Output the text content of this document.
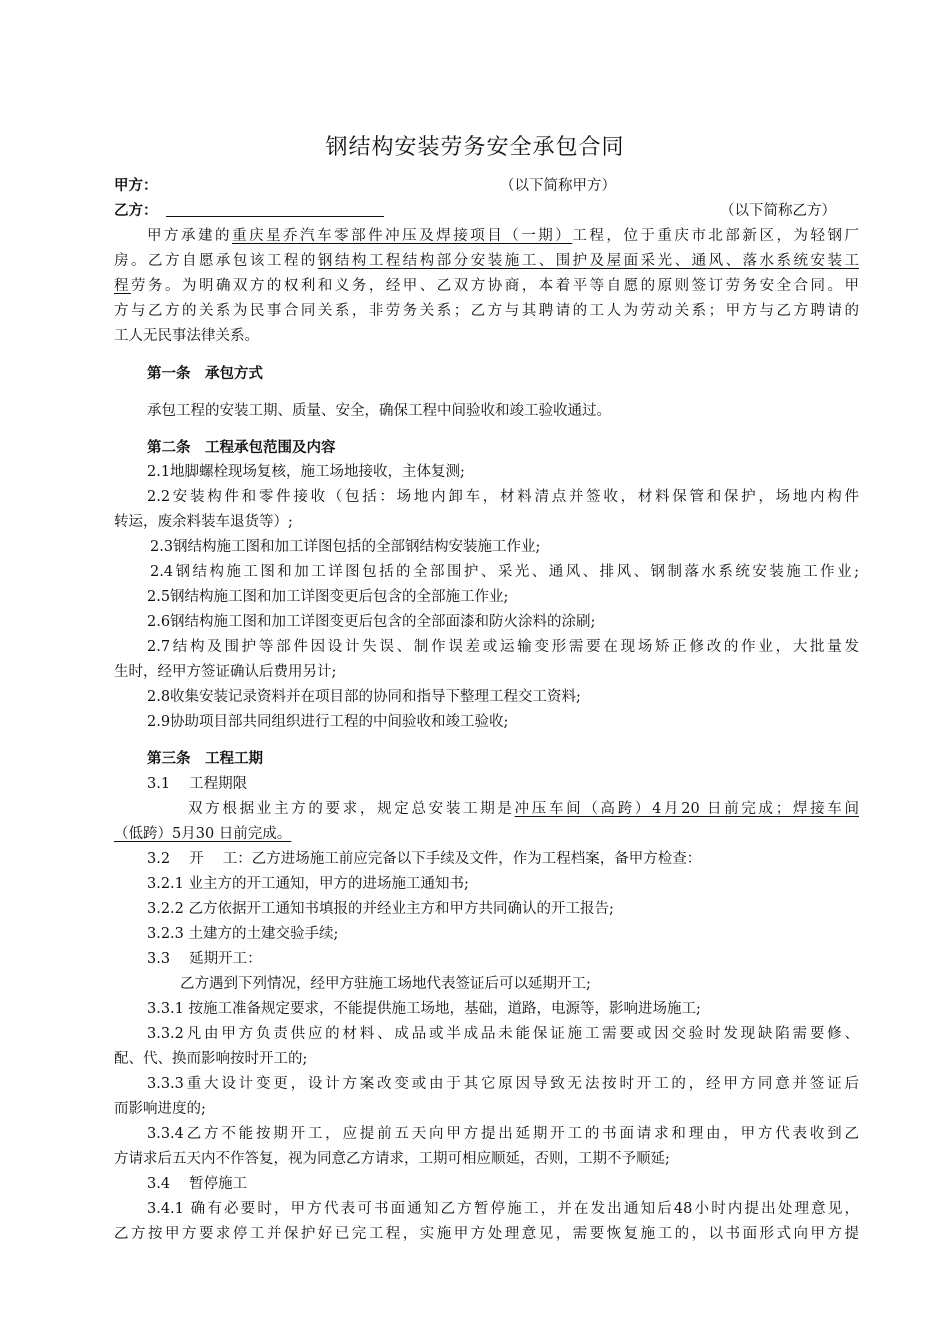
钢结构安装劳务安全承包合同
甲方：	（以下简称甲方）
乙方：	（以下简称乙方）
甲方承建的重庆星乔汽车零部件冲压及焊接项目（一期）工程，位于重庆市北部新区，为轻钢厂
房。乙方自愿承包该工程的钢结构工程结构部分安装施工、围护及屋面采光、通风、落水系统安装工
程劳务。为明确双方的权利和义务，经甲、乙双方协商，本着平等自愿的原则签订劳务安全合同。甲
方与乙方的关系为民事合同关系，非劳务关系；乙方与其聘请的工人为劳动关系；甲方与乙方聘请的
工人无民事法律关系。
第一条　承包方式
承包工程的安装工期、质量、安全，确保工程中间验收和竣工验收通过。
第二条　工程承包范围及内容
2.1地脚螺栓现场复核，施工场地接收，主体复测;
2.2安装构件和零件接收（包括：场地内卸车，材料清点并签收，材料保管和保护，场地内构件
转运，废余料装车退货等）;
2.3钢结构施工图和加工详图包括的全部钢结构安装施工作业;
2.4钢结构施工图和加工详图包括的全部围护、采光、通风、排风、钢制落水系统安装施工作业;
2.5钢结构施工图和加工详图变更后包含的全部施工作业;
2.6钢结构施工图和加工详图变更后包含的全部面漆和防火涂料的涂刷;
2.7结构及围护等部件因设计失误、制作误差或运输变形需要在现场矫正修改的作业，大批量发
生时，经甲方签证确认后费用另计;
2.8收集安装记录资料并在项目部的协同和指导下整理工程交工资料;
2.9协助项目部共同组织进行工程的中间验收和竣工验收;
第三条　工程工期
3.1　 工程期限
双方根据业主方的要求，规定总安装工期是冲压车间（高跨）4月20 日前完成；焊接车间
（低跨）5月30 日前完成。
3.2　 开　 工：乙方进场施工前应完备以下手续及文件，作为工程档案，备甲方检查：
3.2.1 业主方的开工通知，甲方的进场施工通知书;
3.2.2 乙方依据开工通知书填报的并经业主方和甲方共同确认的开工报告;
3.2.3 土建方的土建交验手续;
3.3　 延期开工：
乙方遇到下列情况，经甲方驻施工场地代表签证后可以延期开工;
3.3.1 按施工准备规定要求，不能提供施工场地，基础，道路，电源等，影响进场施工;
3.3.2凡由甲方负责供应的材料、成品或半成品未能保证施工需要或因交验时发现缺陷需要修、
配、代、换而影响按时开工的;
3.3.3重大设计变更，设计方案改变或由于其它原因导致无法按时开工的，经甲方同意并签证后
而影响进度的;
3.3.4乙方不能按期开工，应提前五天向甲方提出延期开工的书面请求和理由，甲方代表收到乙
方请求后五天内不作答复，视为同意乙方请求，工期可相应顺延，否则，工期不予顺延;
3.4　 暂停施工
3.4.1 确有必要时，甲方代表可书面通知乙方暂停施工，并在发出通知后48小时内提出处理意见，
乙方按甲方要求停工并保护好已完工程，实施甲方处理意见，需要恢复施工的，以书面形式向甲方提
